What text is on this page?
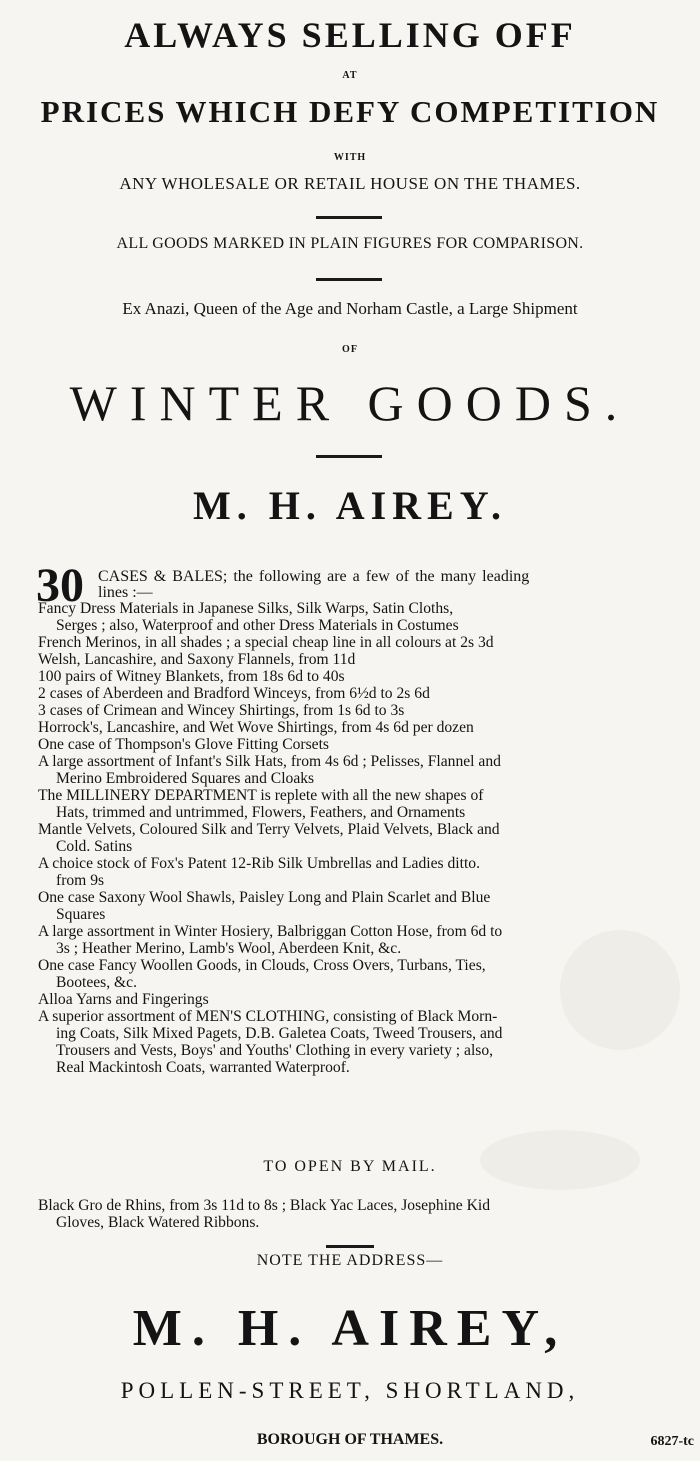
ALWAYS SELLING OFF
AT
PRICES WHICH DEFY COMPETITION
WITH
ANY WHOLESALE OR RETAIL HOUSE ON THE THAMES.
ALL GOODS MARKED IN PLAIN FIGURES FOR COMPARISON.
Ex Anazi, Queen of the Age and Norham Castle, a Large Shipment
OF
WINTER GOODS.
M. H. AIREY.
30 CASES & BALES; the following are a few of the many leading
lines :—

Fancy Dress Materials in Japanese Silks, Silk Warps, Satin Cloths,
Serges ; also, Waterproof and other Dress Materials in Costumes

French Merinos, in all shades ; a special cheap line in all colours at 2s 3d

Welsh, Lancashire, and Saxony Flannels, from 11d

100 pairs of Witney Blankets, from 18s 6d to 40s

2 cases of Aberdeen and Bradford Winceys, from 6½d to 2s 6d

3 cases of Crimean and Wincey Shirtings, from 1s 6d to 3s

Horrock's, Lancashire, and Wet Wove Shirtings, from 4s 6d per dozen

One case of Thompson's Glove Fitting Corsets

A large assortment of Infant's Silk Hats, from 4s 6d ; Pelisses, Flannel and
Merino Embroidered Squares and Cloaks

The MILLINERY DEPARTMENT is replete with all the new shapes of
Hats, trimmed and untrimmed, Flowers, Feathers, and Ornaments

Mantle Velvets, Coloured Silk and Terry Velvets, Plaid Velvets, Black and
Cold. Satins

A choice stock of Fox's Patent 12-Rib Silk Umbrellas and Ladies ditto.
from 9s

One case Saxony Wool Shawls, Paisley Long and Plain Scarlet and Blue
Squares

A large assortment in Winter Hosiery, Balbriggan Cotton Hose, from 6d to
3s ; Heather Merino, Lamb's Wool, Aberdeen Knit, &c.

One case Fancy Woollen Goods, in Clouds, Cross Overs, Turbans, Ties,
Bootees, &c.

Alloa Yarns and Fingerings

A superior assortment of MEN'S CLOTHING, consisting of Black Morn-
ing Coats, Silk Mixed Pagets, D.B. Galetea Coats, Tweed Trousers, and
Trousers and Vests, Boys' and Youths' Clothing in every variety ; also,
Real Mackintosh Coats, warranted Waterproof.

TO OPEN BY MAIL.
Black Gro de Rhins, from 3s 11d to 8s ; Black Yac Laces, Josephine Kid
Gloves, Black Watered Ribbons.
NOTE THE ADDRESS—
M. H. AIREY,
POLLEN-STREET, SHORTLAND,
BOROUGH OF THAMES.	6827-tc
